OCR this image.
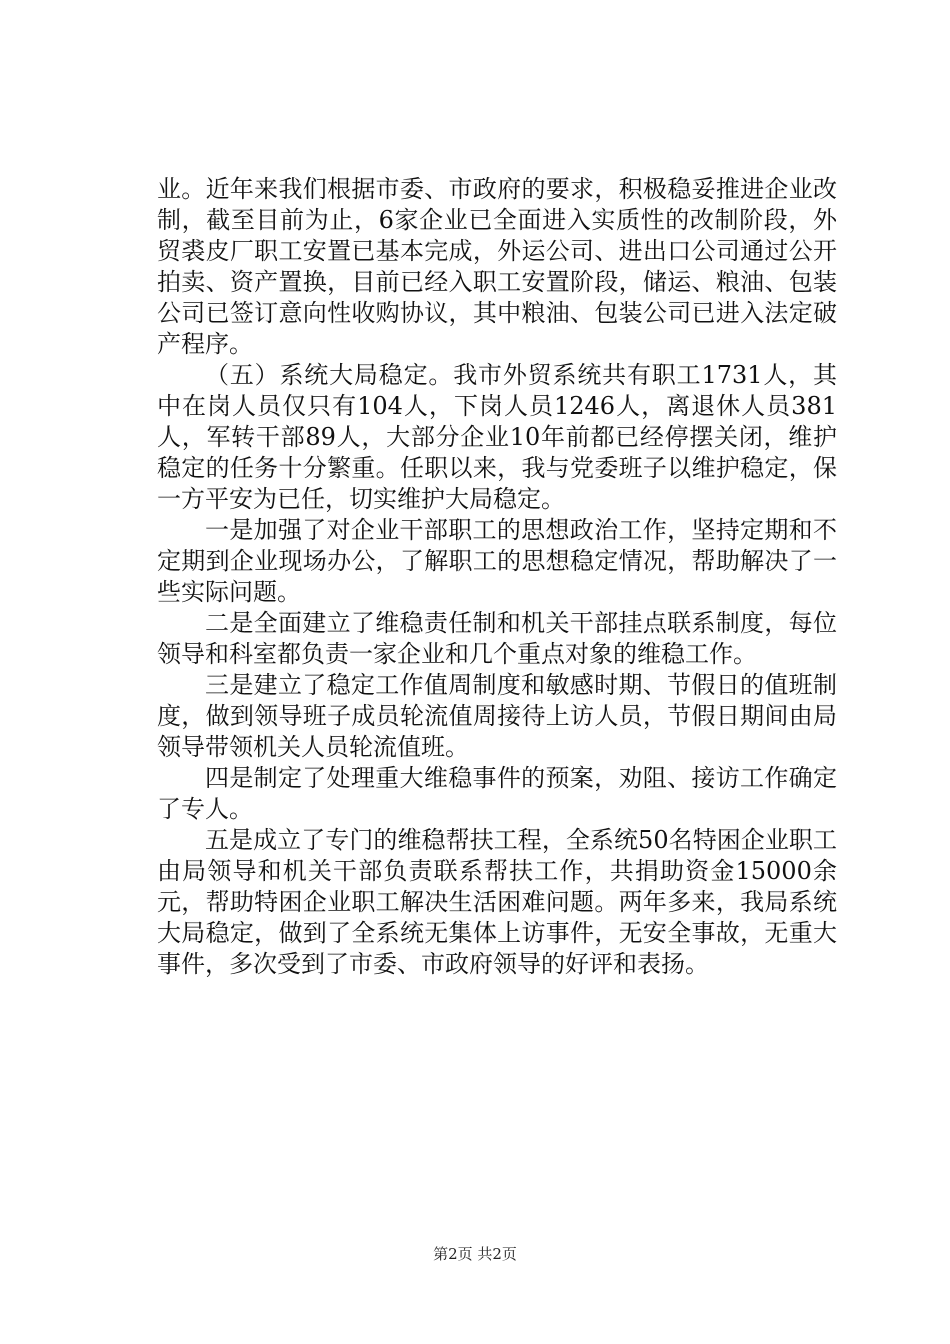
业。近年来我们根据市委、市政府的要求，积极稳妥推进企业改制，截至目前为止，6家企业已全面进入实质性的改制阶段，外贸裘皮厂职工安置已基本完成，外运公司、进出口公司通过公开拍卖、资产置换，目前已经入职工安置阶段，储运、粮油、包装公司已签订意向性收购协议，其中粮油、包装公司已进入法定破产程序。

（五）系统大局稳定。我市外贸系统共有职工1731人，其中在岗人员仅只有104人，下岗人员1246人，离退休人员381人，军转干部89人，大部分企业10年前都已经停摆关闭，维护稳定的任务十分繁重。任职以来，我与党委班子以维护稳定，保一方平安为已任，切实维护大局稳定。

一是加强了对企业干部职工的思想政治工作，坚持定期和不定期到企业现场办公，了解职工的思想稳定情况，帮助解决了一些实际问题。

二是全面建立了维稳责任制和机关干部挂点联系制度，每位领导和科室都负责一家企业和几个重点对象的维稳工作。

三是建立了稳定工作值周制度和敏感时期、节假日的值班制度，做到领导班子成员轮流值周接待上访人员，节假日期间由局领导带领机关人员轮流值班。

四是制定了处理重大维稳事件的预案，劝阻、接访工作确定了专人。

五是成立了专门的维稳帮扶工程，全系统50名特困企业职工由局领导和机关干部负责联系帮扶工作，共捐助资金15000余元，帮助特困企业职工解决生活困难问题。两年多来，我局系统大局稳定，做到了全系统无集体上访事件，无安全事故，无重大事件，多次受到了市委、市政府领导的好评和表扬。

第2页 共2页
